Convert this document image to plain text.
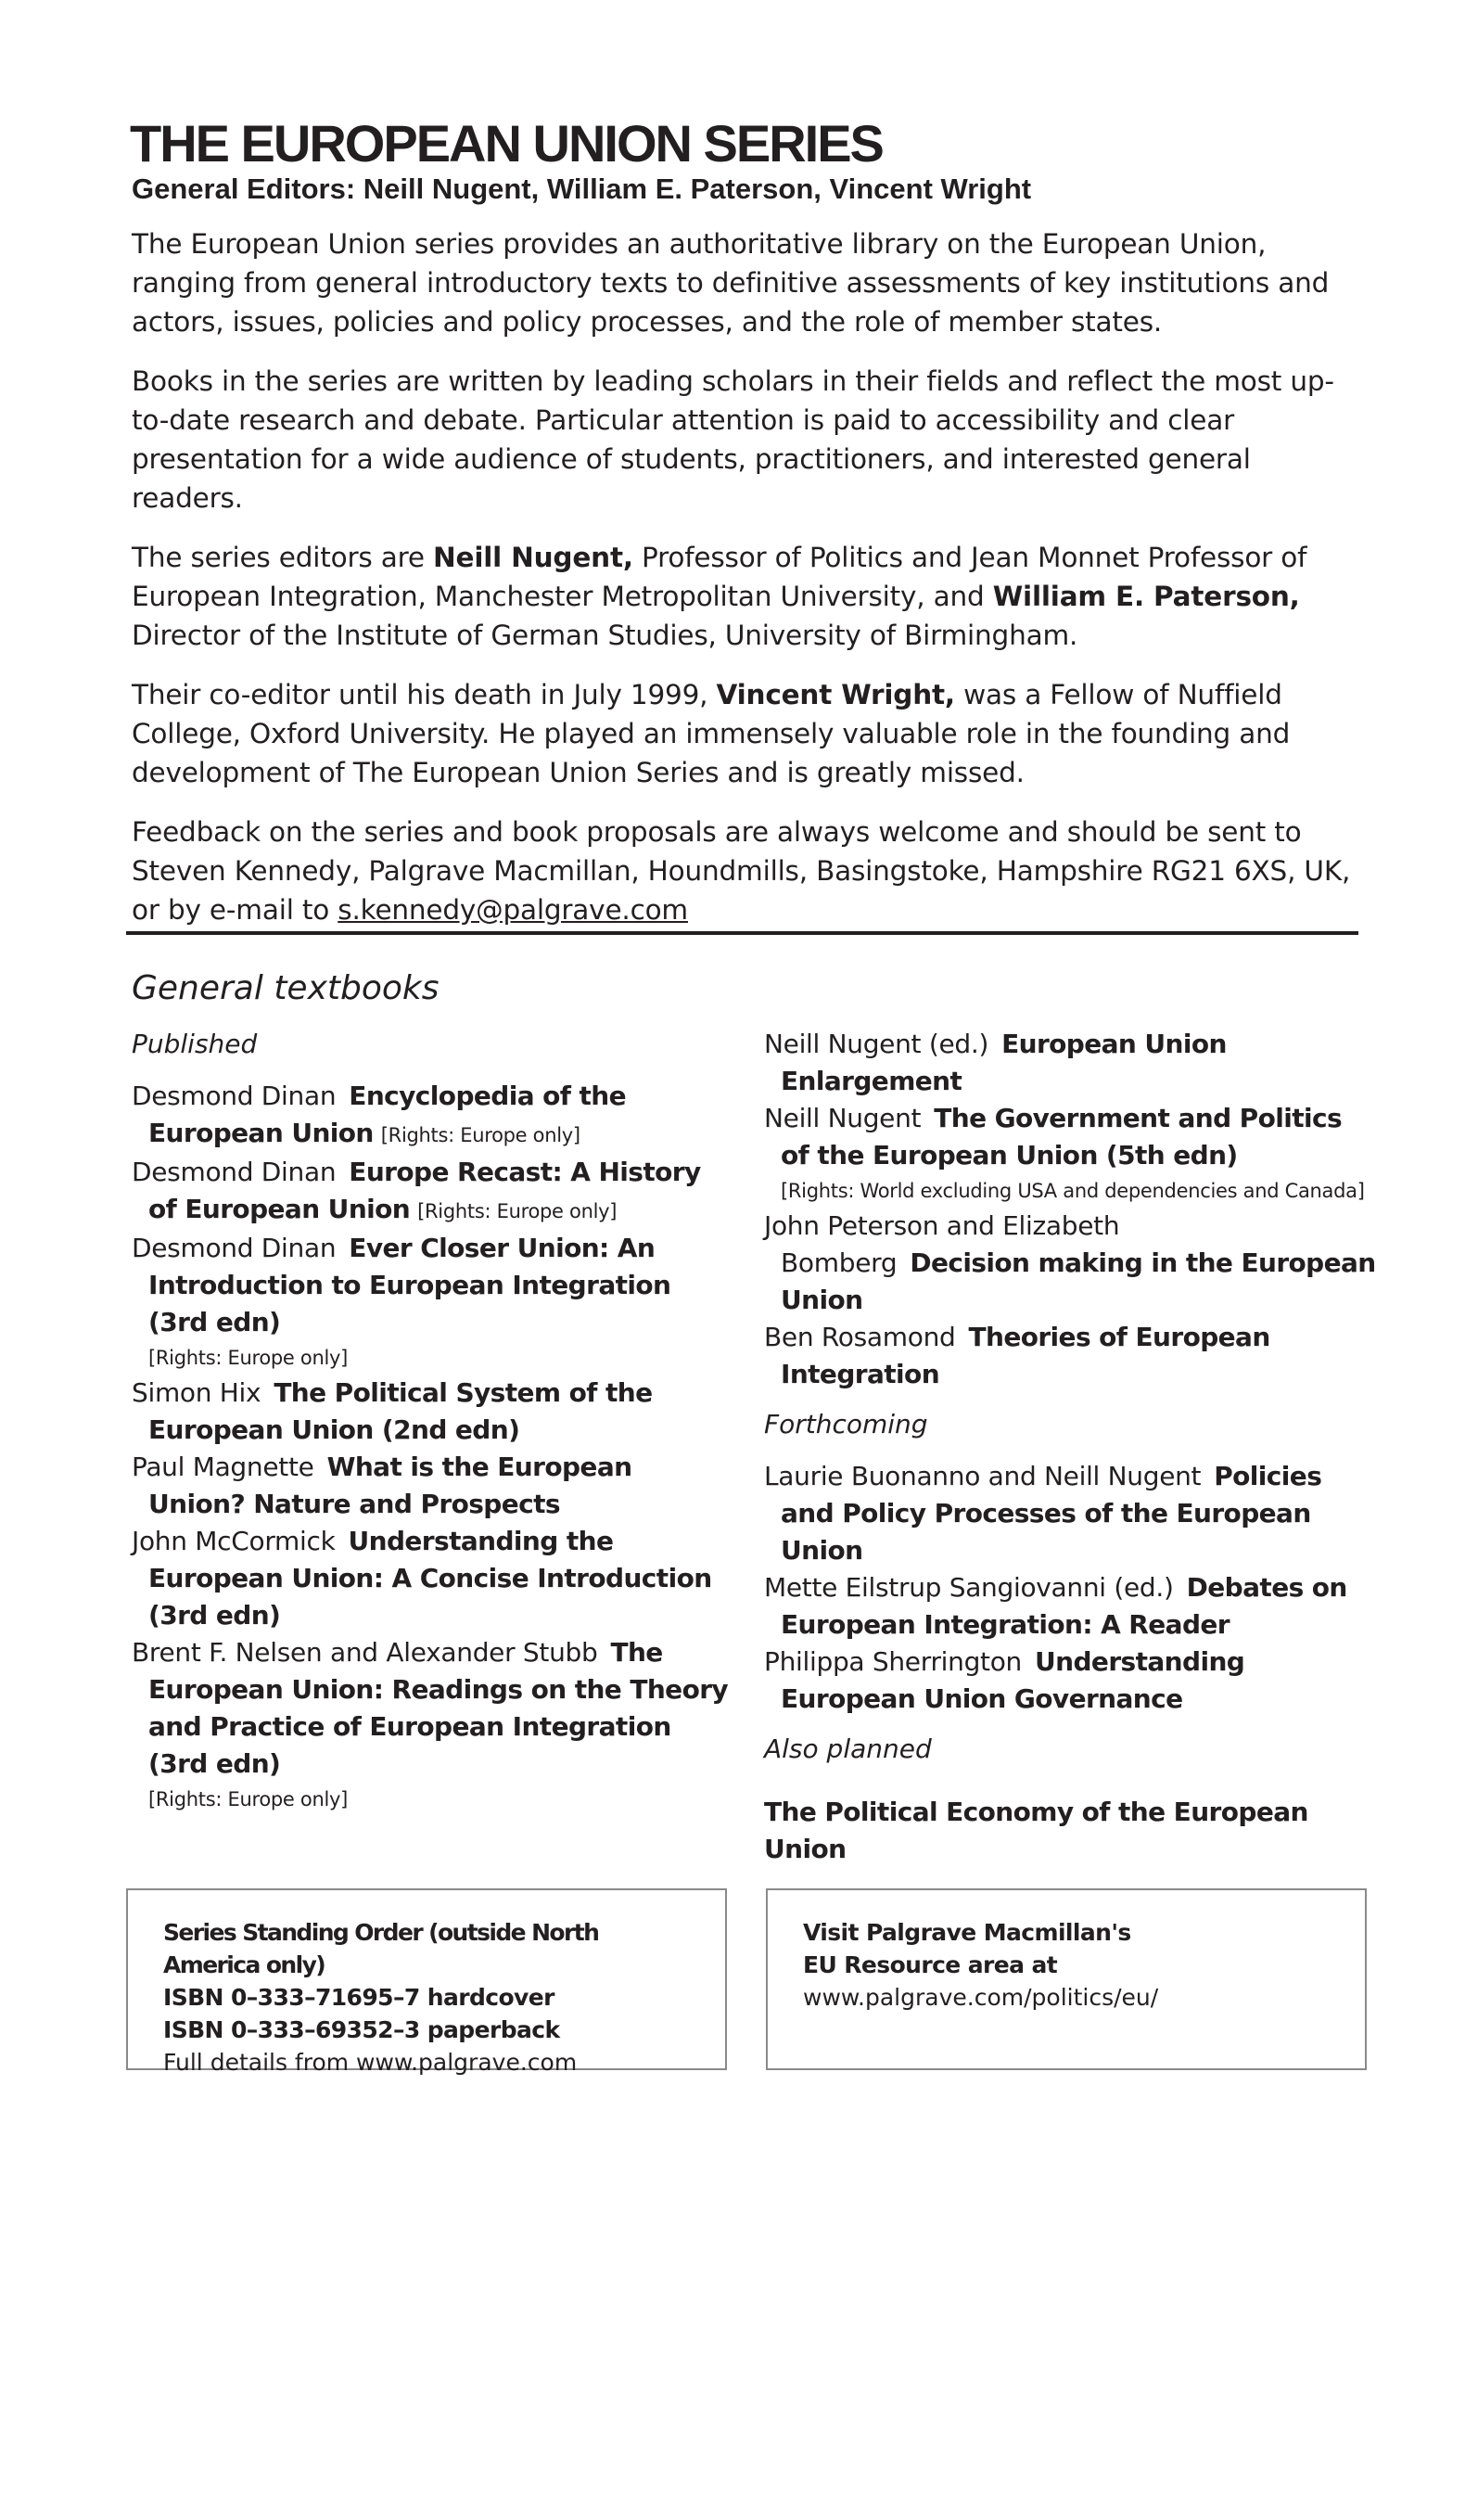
THE EUROPEAN UNION SERIES

General Editors: Neill Nugent, William E. Paterson, Vincent Wright

The European Union series provides an authoritative library on the European Union, ranging from general introductory texts to definitive assessments of key institutions and actors, issues, policies and policy processes, and the role of member states.

Books in the series are written by leading scholars in their fields and reflect the most up-to-date research and debate. Particular attention is paid to accessibility and clear presentation for a wide audience of students, practitioners, and interested general readers.

The series editors are Neill Nugent, Professor of Politics and Jean Monnet Professor of European Integration, Manchester Metropolitan University, and William E. Paterson, Director of the Institute of German Studies, University of Birmingham.

Their co-editor until his death in July 1999, Vincent Wright, was a Fellow of Nuffield College, Oxford University. He played an immensely valuable role in the founding and development of The European Union Series and is greatly missed.

Feedback on the series and book proposals are always welcome and should be sent to Steven Kennedy, Palgrave Macmillan, Houndmills, Basingstoke, Hampshire RG21 6XS, UK, or by e-mail to s.kennedy@palgrave.com

General textbooks

Published

Desmond Dinan Encyclopedia of the European Union [Rights: Europe only]

Desmond Dinan Europe Recast: A History of European Union [Rights: Europe only]

Desmond Dinan Ever Closer Union: An Introduction to European Integration (3rd edn)
[Rights: Europe only]

Simon Hix The Political System of the European Union (2nd edn)

Paul Magnette What is the European Union? Nature and Prospects

John McCormick Understanding the European Union: A Concise Introduction (3rd edn)

Brent F. Nelsen and Alexander Stubb The European Union: Readings on the Theory and Practice of European Integration (3rd edn)
[Rights: Europe only]

Neill Nugent (ed.) European Union Enlargement

Neill Nugent The Government and Politics of the European Union (5th edn)
[Rights: World excluding USA and dependencies and Canada]

John Peterson and Elizabeth Bomberg Decision making in the European Union

Ben Rosamond Theories of European Integration

Forthcoming

Laurie Buonanno and Neill Nugent Policies and Policy Processes of the European Union

Mette Eilstrup Sangiovanni (ed.) Debates on European Integration: A Reader

Philippa Sherrington Understanding European Union Governance

Also planned

The Political Economy of the European Union

Series Standing Order (outside North America only)

ISBN 0–333–71695–7 hardcover

ISBN 0–333–69352–3 paperback

Full details from www.palgrave.com

Visit Palgrave Macmillan's

EU Resource area at

www.palgrave.com/politics/eu/
